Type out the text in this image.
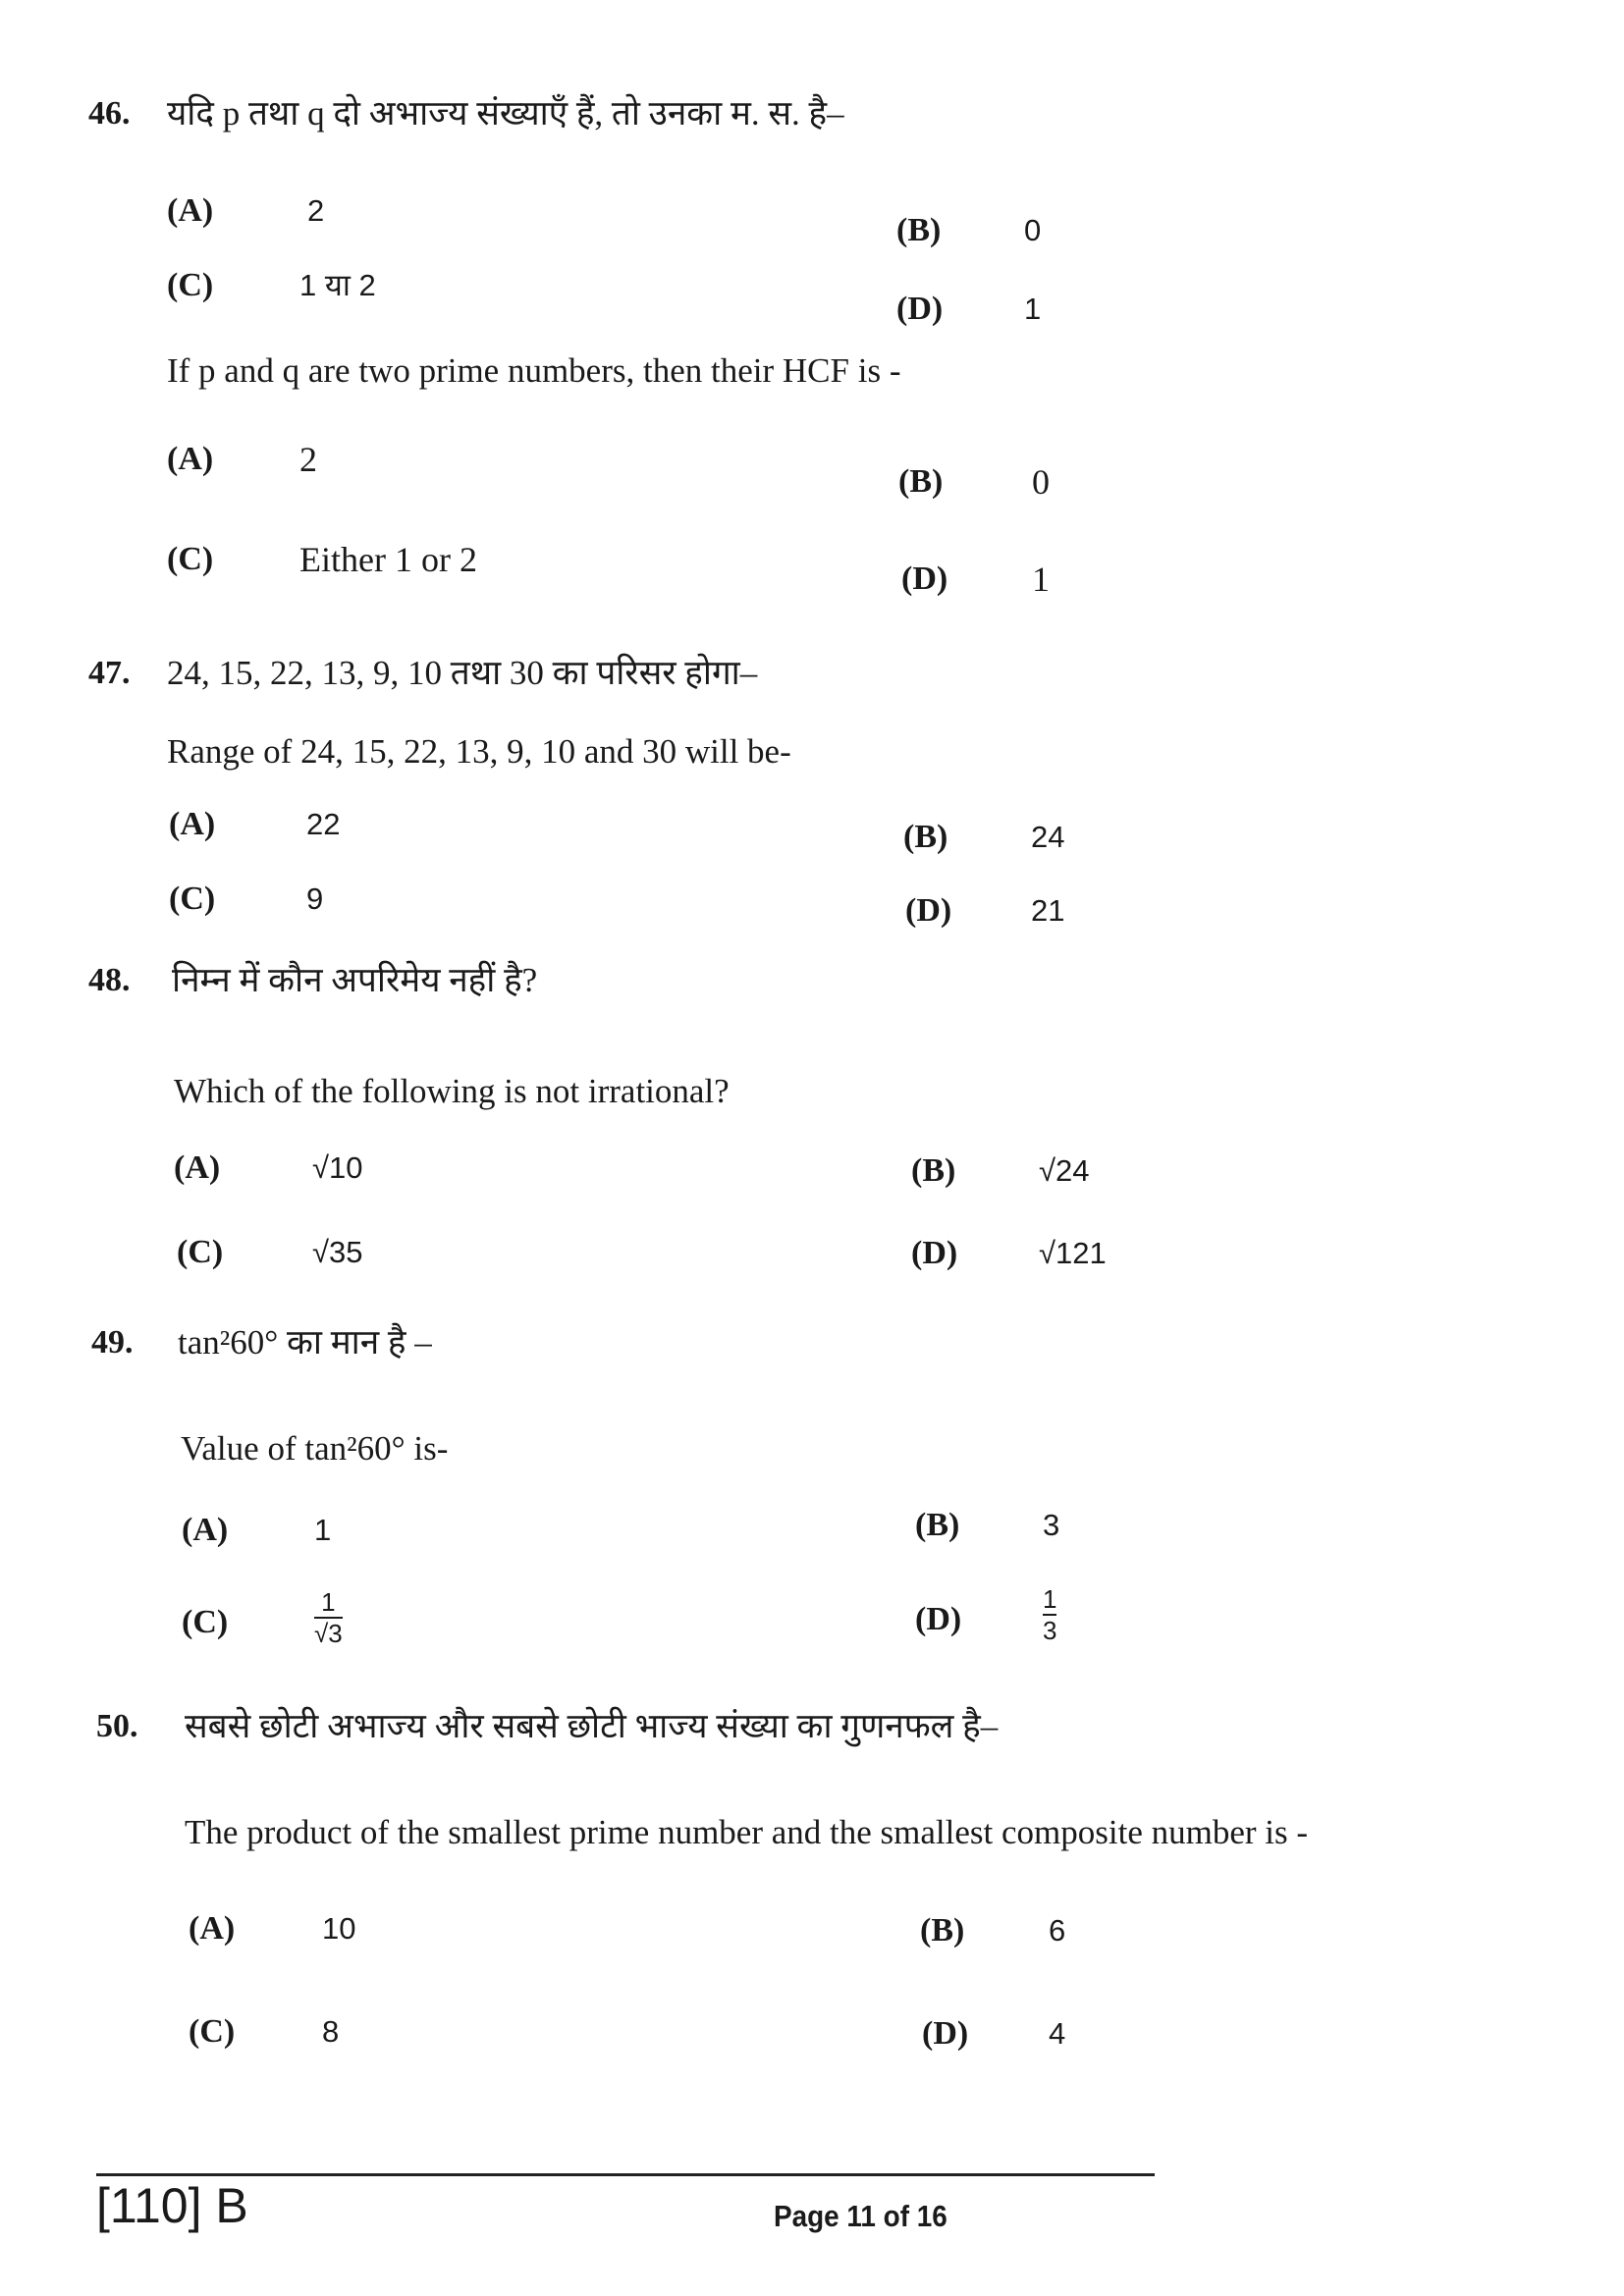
[110] B	Page 11 of 16
46. यदि p तथा q दो अभाज्य संख्याएँ हैं, तो उनका म. स. है–
If p and q are two prime numbers, then their HCF is -
(A)	2
(B)	0
(C)	1 या 2
(D)	1
(A) 2
(B)	0
(C) Either 1 or 2	(D) 1
47. 24, 15, 22, 13, 9, 10 तथा 30 का परिसर होगा–
Range of 24, 15, 22, 13, 9, 10 and 30 will be-
(A)	22	(B)	24
(C)	9	(D)	21
48. निम्न में कौन अपरिमेय नहीं है?
Which of the following is not irrational?
(A)	√10	(B)	√24
(C)	√35	(D)	√121
49. tan²60° का मान है –
Value of tan²60° is-
(A)	1	(B)	3
(C)
1
√3	(D)
1
3
50. सबसे छोटी अभाज्य और सबसे छोटी भाज्य संख्या का गुणनफल है–
The product of the smallest prime number and the smallest composite number is -
(A)	10	(B)	6
(C)	8	(D)	4
